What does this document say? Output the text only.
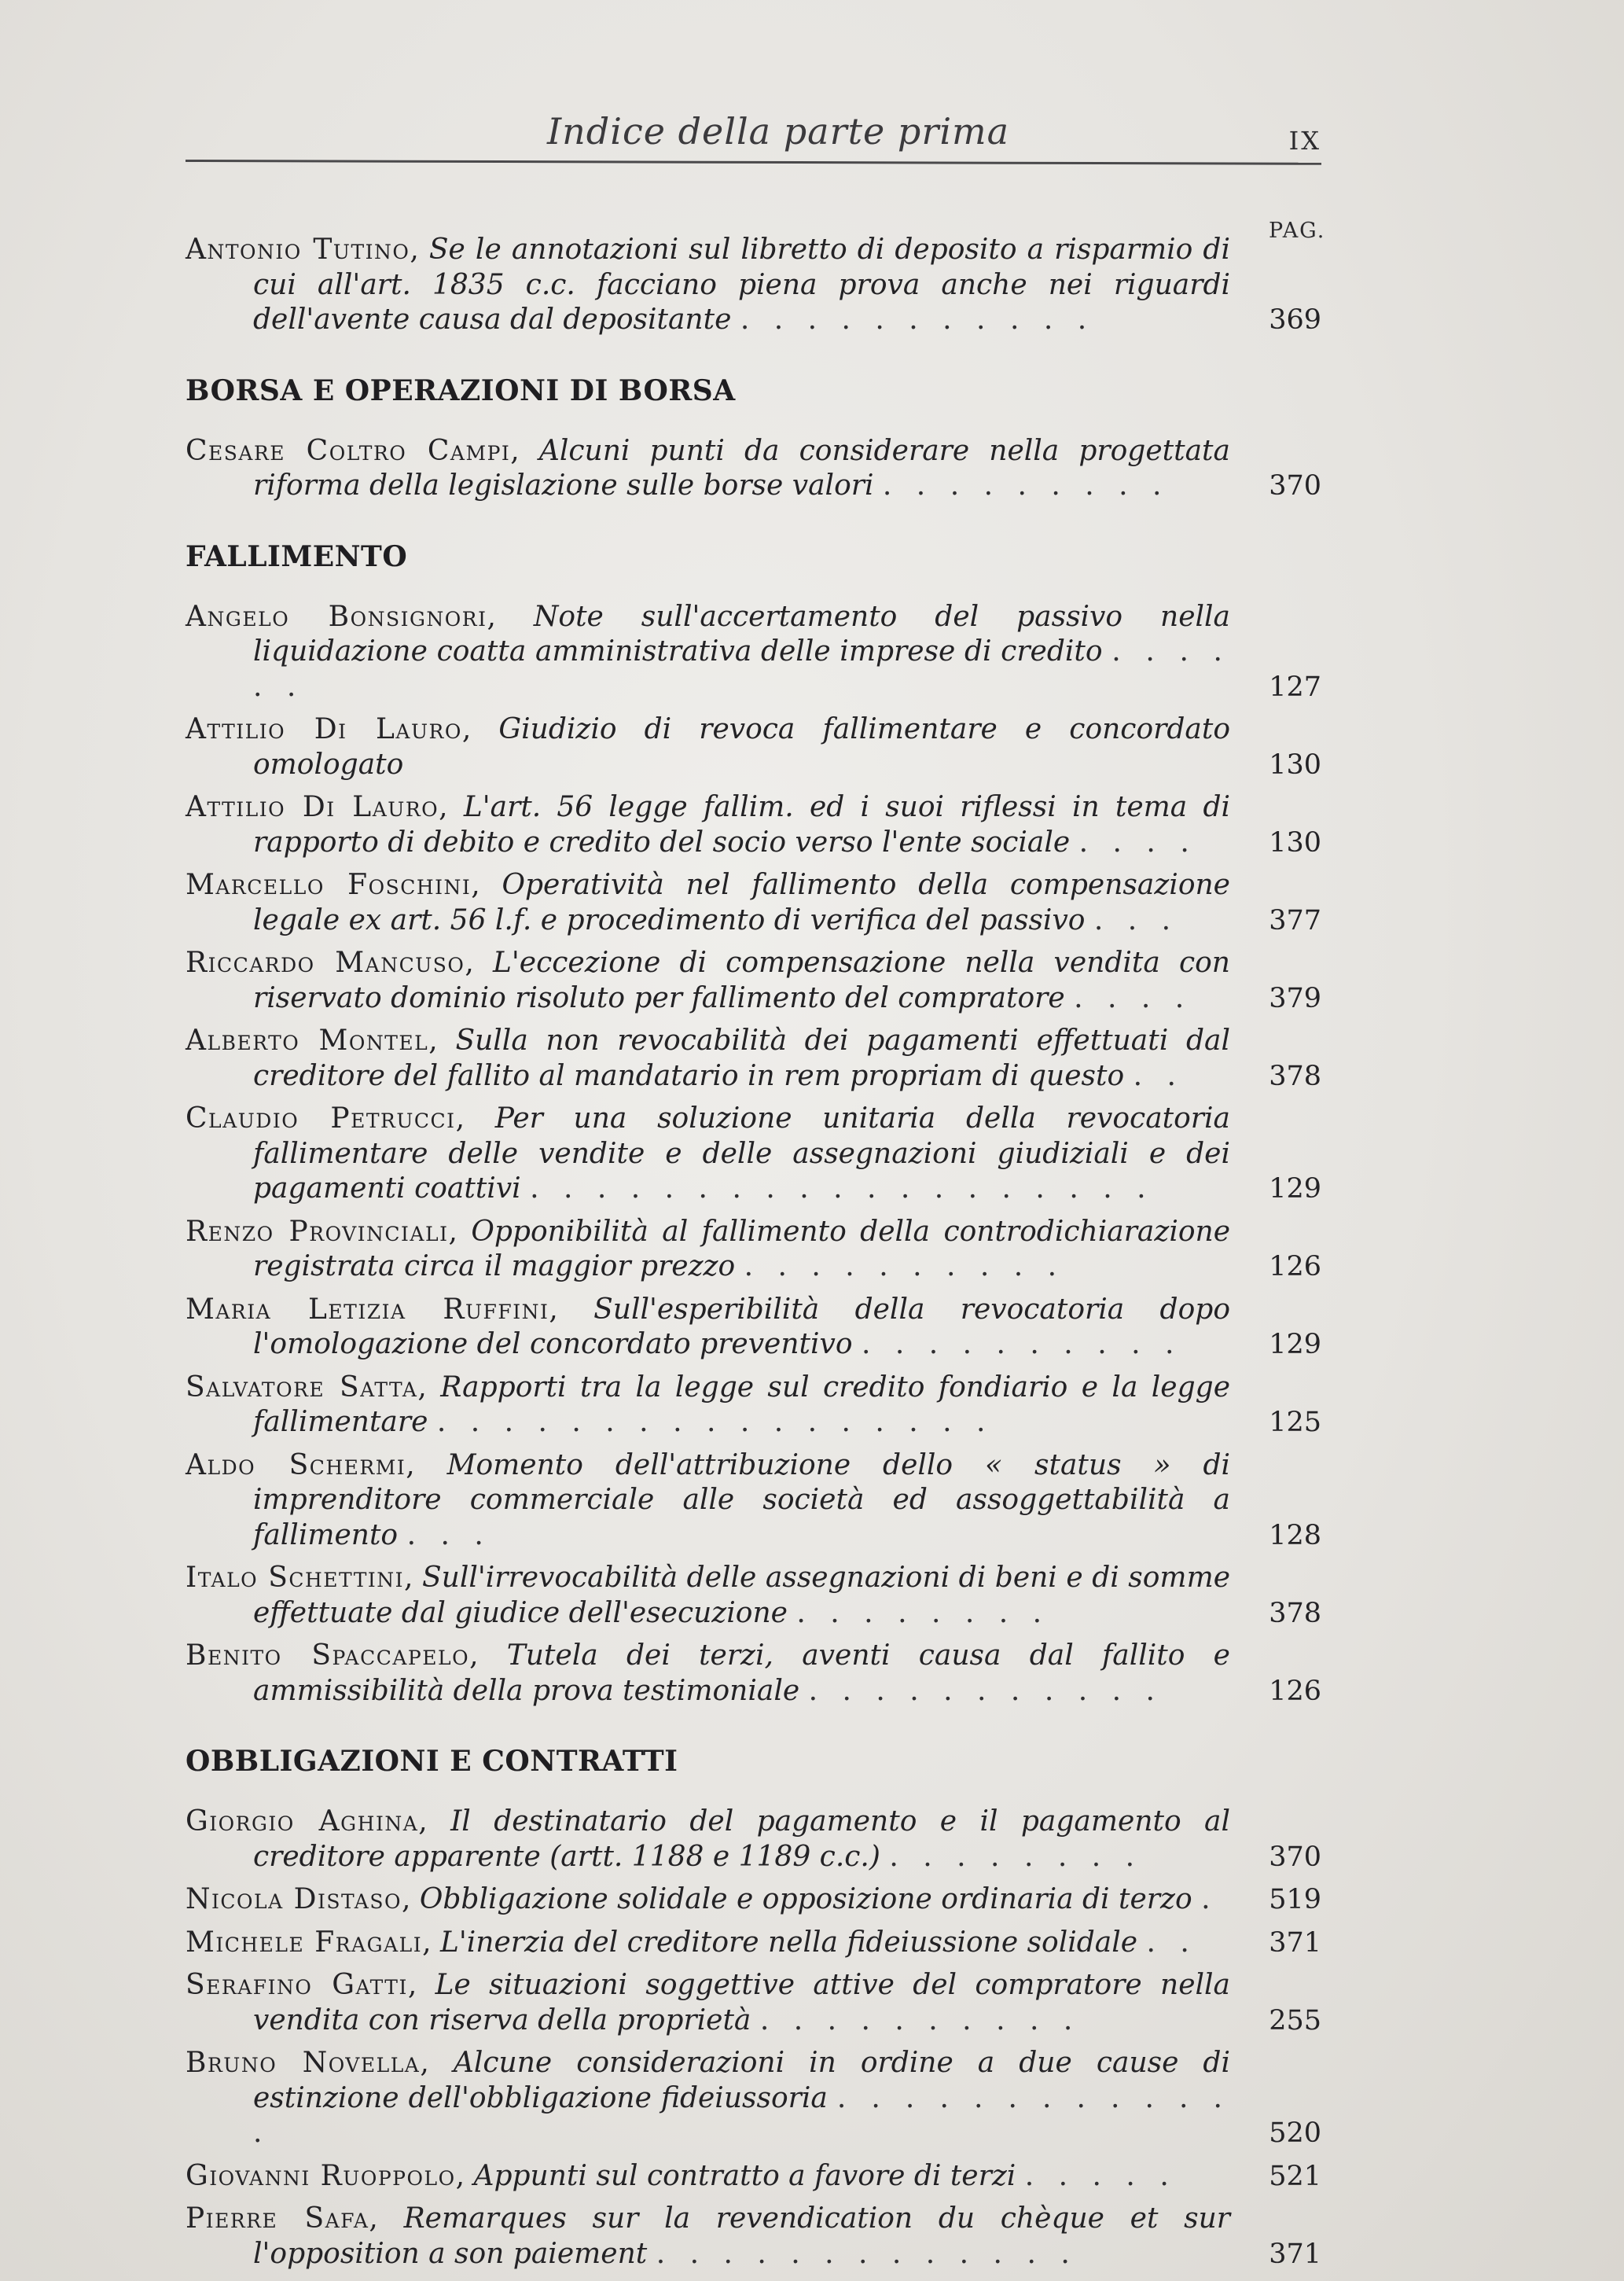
Indice della parte prima	IX
PAG.
Antonio Tutino, Se le annotazioni sul libretto di deposito a risparmio di cui all'art. 1835 c.c. facciano piena prova anche nei riguardi dell'avente causa dal depositante . . . . . . . . . . .	369
BORSA E OPERAZIONI DI BORSA
Cesare Coltro Campi, Alcuni punti da considerare nella progettata riforma della legislazione sulle borse valori . . . . . . . . .	370
FALLIMENTO
Angelo Bonsignori, Note sull'accertamento del passivo nella liquidazione coatta amministrativa delle imprese di credito . . . . . .	127
Attilio Di Lauro, Giudizio di revoca fallimentare e concordato omologato	130
Attilio Di Lauro, L'art. 56 legge fallim. ed i suoi riflessi in tema di rapporto di debito e credito del socio verso l'ente sociale . . . .	130
Marcello Foschini, Operatività nel fallimento della compensazione legale ex art. 56 l.f. e procedimento di verifica del passivo . . .	377
Riccardo Mancuso, L'eccezione di compensazione nella vendita con riservato dominio risoluto per fallimento del compratore . . . .	379
Alberto Montel, Sulla non revocabilità dei pagamenti effettuati dal creditore del fallito al mandatario in rem propriam di questo . .	378
Claudio Petrucci, Per una soluzione unitaria della revocatoria fallimentare delle vendite e delle assegnazioni giudiziali e dei pagamenti coattivi . . . . . . . . . . . . . . . . . . .	129
Renzo Provinciali, Opponibilità al fallimento della controdichiarazione registrata circa il maggior prezzo . . . . . . . . . .	126
Maria Letizia Ruffini, Sull'esperibilità della revocatoria dopo l'omologazione del concordato preventivo . . . . . . . . . .	129
Salvatore Satta, Rapporti tra la legge sul credito fondiario e la legge fallimentare . . . . . . . . . . . . . . . . .	125
Aldo Schermi, Momento dell'attribuzione dello « status » di imprenditore commerciale alle società ed assoggettabilità a fallimento . . .	128
Italo Schettini, Sull'irrevocabilità delle assegnazioni di beni e di somme effettuate dal giudice dell'esecuzione . . . . . . . .	378
Benito Spaccapelo, Tutela dei terzi, aventi causa dal fallito e ammissibilità della prova testimoniale . . . . . . . . . . .	126
OBBLIGAZIONI E CONTRATTI
Giorgio Aghina, Il destinatario del pagamento e il pagamento al creditore apparente (artt. 1188 e 1189 c.c.) . . . . . . . .	370
Nicola Distaso, Obbligazione solidale e opposizione ordinaria di terzo .	519
Michele Fragali, L'inerzia del creditore nella fideiussione solidale . .	371
Serafino Gatti, Le situazioni soggettive attive del compratore nella vendita con riserva della proprietà . . . . . . . . . .	255
Bruno Novella, Alcune considerazioni in ordine a due cause di estinzione dell'obbligazione fideiussoria . . . . . . . . . . . . .	520
Giovanni Ruoppolo, Appunti sul contratto a favore di terzi . . . . .	521
Pierre Safa, Remarques sur la revendication du chèque et sur l'opposition a son paiement . . . . . . . . . . . . .	371
